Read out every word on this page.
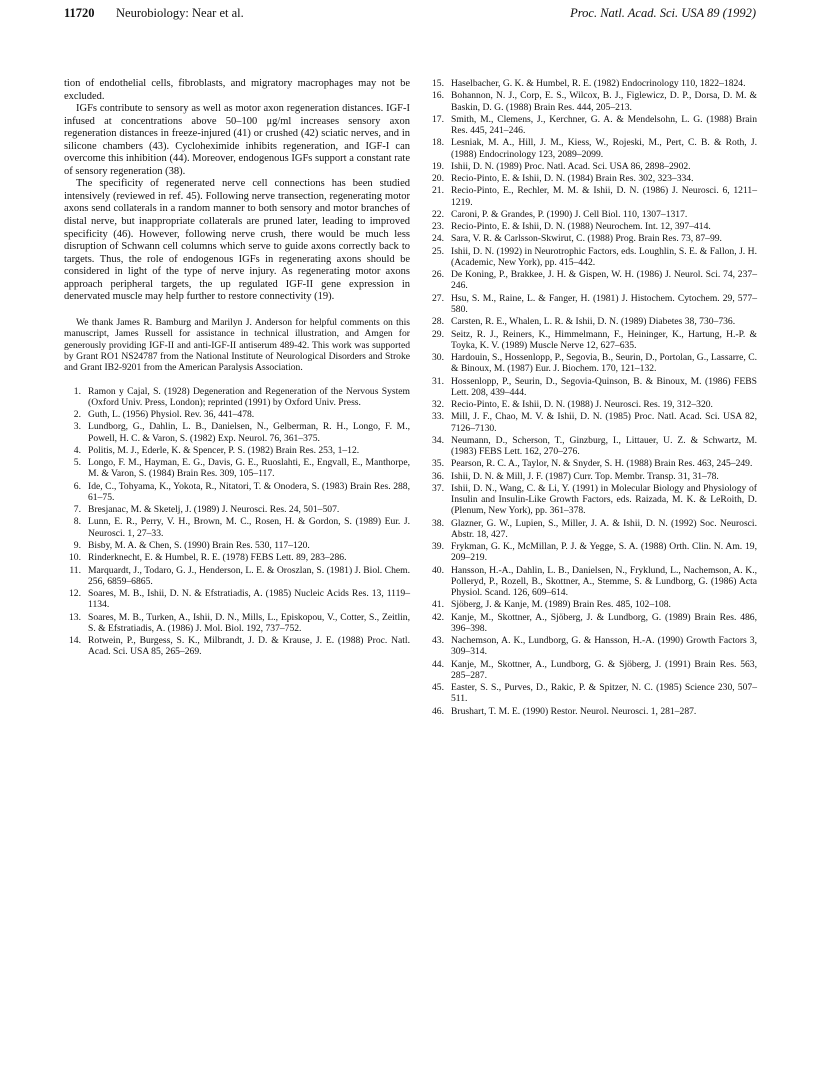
11720 Neurobiology: Near et al.	Proc. Natl. Acad. Sci. USA 89 (1992)

tion of endothelial cells, fibroblasts, and migratory macrophages may not be excluded.

IGFs contribute to sensory as well as motor axon regeneration distances. IGF-I infused at concentrations above 50–100 μg/ml increases sensory axon regeneration distances in freeze-injured (41) or crushed (42) sciatic nerves, and in silicone chambers (43). Cycloheximide inhibits regeneration, and IGF-I can overcome this inhibition (44). Moreover, endogenous IGFs support a constant rate of sensory regeneration (38).

The specificity of regenerated nerve cell connections has been studied intensively (reviewed in ref. 45). Following nerve transection, regenerating motor axons send collaterals in a random manner to both sensory and motor branches of distal nerve, but inappropriate collaterals are pruned later, leading to improved specificity (46). However, following nerve crush, there would be much less disruption of Schwann cell columns which serve to guide axons correctly back to targets. Thus, the role of endogenous IGFs in regenerating axons should be considered in light of the type of nerve injury. As regenerating motor axons approach peripheral targets, the up regulated IGF-II gene expression in denervated muscle may help further to restore connectivity (19).

We thank James R. Bamburg and Marilyn J. Anderson for helpful comments on this manuscript, James Russell for assistance in technical illustration, and Amgen for generously providing IGF-II and anti-IGF-II antiserum 489-42. This work was supported by Grant RO1 NS24787 from the National Institute of Neurological Disorders and Stroke and Grant IB2-9201 from the American Paralysis Association.

1. Ramon y Cajal, S. (1928) Degeneration and Regeneration of the Nervous System (Oxford Univ. Press, London); reprinted (1991) by Oxford Univ. Press.
2. Guth, L. (1956) Physiol. Rev. 36, 441–478.
3. Lundborg, G., Dahlin, L. B., Danielsen, N., Gelberman, R. H., Longo, F. M., Powell, H. C. & Varon, S. (1982) Exp. Neurol. 76, 361–375.
4. Politis, M. J., Ederle, K. & Spencer, P. S. (1982) Brain Res. 253, 1–12.
5. Longo, F. M., Hayman, E. G., Davis, G. E., Ruoslahti, E., Engvall, E., Manthorpe, M. & Varon, S. (1984) Brain Res. 309, 105–117.
6. Ide, C., Tohyama, K., Yokota, R., Nitatori, T. & Onodera, S. (1983) Brain Res. 288, 61–75.
7. Bresjanac, M. & Sketelj, J. (1989) J. Neurosci. Res. 24, 501–507.
8. Lunn, E. R., Perry, V. H., Brown, M. C., Rosen, H. & Gordon, S. (1989) Eur. J. Neurosci. 1, 27–33.
9. Bisby, M. A. & Chen, S. (1990) Brain Res. 530, 117–120.
10. Rinderknecht, E. & Humbel, R. E. (1978) FEBS Lett. 89, 283–286.
11. Marquardt, J., Todaro, G. J., Henderson, L. E. & Oroszlan, S. (1981) J. Biol. Chem. 256, 6859–6865.
12. Soares, M. B., Ishii, D. N. & Efstratiadis, A. (1985) Nucleic Acids Res. 13, 1119–1134.
13. Soares, M. B., Turken, A., Ishii, D. N., Mills, L., Episkopou, V., Cotter, S., Zeitlin, S. & Efstratiadis, A. (1986) J. Mol. Biol. 192, 737–752.
14. Rotwein, P., Burgess, S. K., Milbrandt, J. D. & Krause, J. E. (1988) Proc. Natl. Acad. Sci. USA 85, 265–269.
15. Haselbacher, G. K. & Humbel, R. E. (1982) Endocrinology 110, 1822–1824.
16. Bohannon, N. J., Corp, E. S., Wilcox, B. J., Figlewicz, D. P., Dorsa, D. M. & Baskin, D. G. (1988) Brain Res. 444, 205–213.
17. Smith, M., Clemens, J., Kerchner, G. A. & Mendelsohn, L. G. (1988) Brain Res. 445, 241–246.
18. Lesniak, M. A., Hill, J. M., Kiess, W., Rojeski, M., Pert, C. B. & Roth, J. (1988) Endocrinology 123, 2089–2099.
19. Ishii, D. N. (1989) Proc. Natl. Acad. Sci. USA 86, 2898–2902.
20. Recio-Pinto, E. & Ishii, D. N. (1984) Brain Res. 302, 323–334.
21. Recio-Pinto, E., Rechler, M. M. & Ishii, D. N. (1986) J. Neurosci. 6, 1211–1219.
22. Caroni, P. & Grandes, P. (1990) J. Cell Biol. 110, 1307–1317.
23. Recio-Pinto, E. & Ishii, D. N. (1988) Neurochem. Int. 12, 397–414.
24. Sara, V. R. & Carlsson-Skwirut, C. (1988) Prog. Brain Res. 73, 87–99.
25. Ishii, D. N. (1992) in Neurotrophic Factors, eds. Loughlin, S. E. & Fallon, J. H. (Academic, New York), pp. 415–442.
26. De Koning, P., Brakkee, J. H. & Gispen, W. H. (1986) J. Neurol. Sci. 74, 237–246.
27. Hsu, S. M., Raine, L. & Fanger, H. (1981) J. Histochem. Cytochem. 29, 577–580.
28. Carsten, R. E., Whalen, L. R. & Ishii, D. N. (1989) Diabetes 38, 730–736.
29. Seitz, R. J., Reiners, K., Himmelmann, F., Heininger, K., Hartung, H.-P. & Toyka, K. V. (1989) Muscle Nerve 12, 627–635.
30. Hardouin, S., Hossenlopp, P., Segovia, B., Seurin, D., Portolan, G., Lassarre, C. & Binoux, M. (1987) Eur. J. Biochem. 170, 121–132.
31. Hossenlopp, P., Seurin, D., Segovia-Quinson, B. & Binoux, M. (1986) FEBS Lett. 208, 439–444.
32. Recio-Pinto, E. & Ishii, D. N. (1988) J. Neurosci. Res. 19, 312–320.
33. Mill, J. F., Chao, M. V. & Ishii, D. N. (1985) Proc. Natl. Acad. Sci. USA 82, 7126–7130.
34. Neumann, D., Scherson, T., Ginzburg, I., Littauer, U. Z. & Schwartz, M. (1983) FEBS Lett. 162, 270–276.
35. Pearson, R. C. A., Taylor, N. & Snyder, S. H. (1988) Brain Res. 463, 245–249.
36. Ishii, D. N. & Mill, J. F. (1987) Curr. Top. Membr. Transp. 31, 31–78.
37. Ishii, D. N., Wang, C. & Li, Y. (1991) in Molecular Biology and Physiology of Insulin and Insulin-Like Growth Factors, eds. Raizada, M. K. & LeRoith, D. (Plenum, New York), pp. 361–378.
38. Glazner, G. W., Lupien, S., Miller, J. A. & Ishii, D. N. (1992) Soc. Neurosci. Abstr. 18, 427.
39. Frykman, G. K., McMillan, P. J. & Yegge, S. A. (1988) Orth. Clin. N. Am. 19, 209–219.
40. Hansson, H.-A., Dahlin, L. B., Danielsen, N., Fryklund, L., Nachemson, A. K., Polleryd, P., Rozell, B., Skottner, A., Stemme, S. & Lundborg, G. (1986) Acta Physiol. Scand. 126, 609–614.
41. Sjöberg, J. & Kanje, M. (1989) Brain Res. 485, 102–108.
42. Kanje, M., Skottner, A., Sjöberg, J. & Lundborg, G. (1989) Brain Res. 486, 396–398.
43. Nachemson, A. K., Lundborg, G. & Hansson, H.-A. (1990) Growth Factors 3, 309–314.
44. Kanje, M., Skottner, A., Lundborg, G. & Sjöberg, J. (1991) Brain Res. 563, 285–287.
45. Easter, S. S., Purves, D., Rakic, P. & Spitzer, N. C. (1985) Science 230, 507–511.
46. Brushart, T. M. E. (1990) Restor. Neurol. Neurosci. 1, 281–287.
